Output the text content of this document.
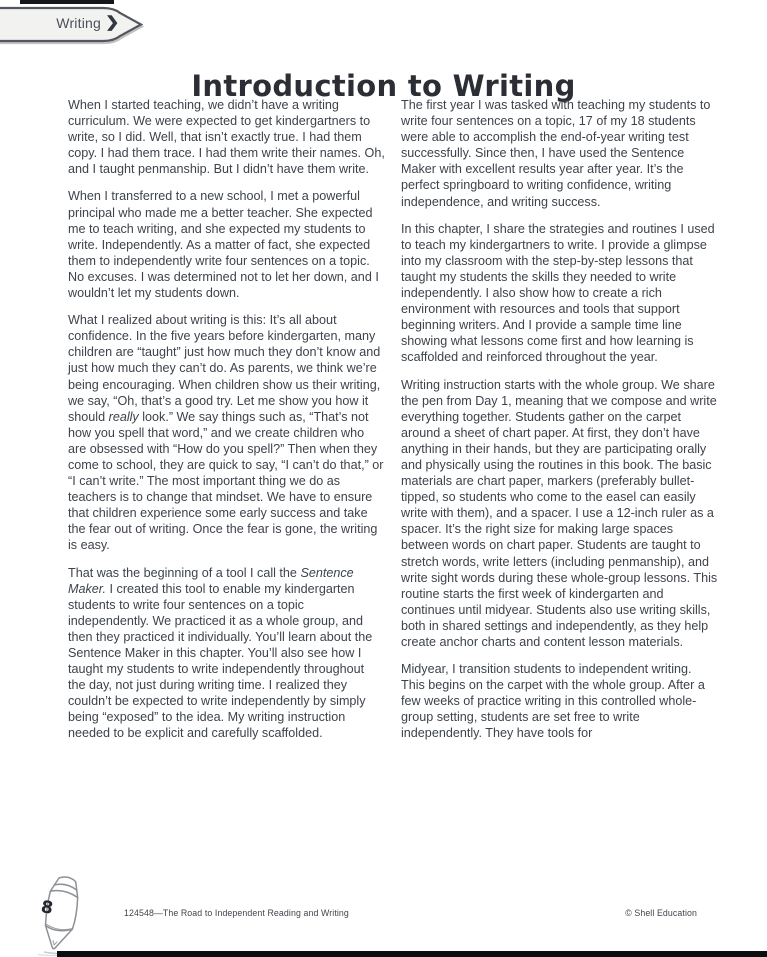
Writing ❯
Introduction to Writing

When I started teaching, we didn’t have a writing curriculum. We were expected to get kindergartners to write, so I did. Well, that isn’t exactly true. I had them copy. I had them trace. I had them write their names. Oh, and I taught penmanship. But I didn’t have them write.

When I transferred to a new school, I met a powerful principal who made me a better teacher. She expected me to teach writing, and she expected my students to write. Independently. As a matter of fact, she expected them to independently write four sentences on a topic. No excuses. I was determined not to let her down, and I wouldn’t let my students down.

What I realized about writing is this: It’s all about confidence. In the five years before kindergarten, many children are “taught” just how much they don’t know and just how much they can’t do. As parents, we think we’re being encouraging. When children show us their writing, we say, “Oh, that’s a good try. Let me show you how it should really look.” We say things such as, “That’s not how you spell that word,” and we create children who are obsessed with “How do you spell?” Then when they come to school, they are quick to say, “I can’t do that,” or “I can’t write.” The most important thing we do as teachers is to change that mindset. We have to ensure that children experience some early success and take the fear out of writing. Once the fear is gone, the writing is easy.

That was the beginning of a tool I call the Sentence Maker. I created this tool to enable my kindergarten students to write four sentences on a topic independently. We practiced it as a whole group, and then they practiced it individually. You’ll learn about the Sentence Maker in this chapter. You’ll also see how I taught my students to write independently throughout the day, not just during writing time. I realized they couldn’t be expected to write independently by simply being “exposed” to the idea. My writing instruction needed to be explicit and carefully scaffolded.

The first year I was tasked with teaching my students to write four sentences on a topic, 17 of my 18 students were able to accomplish the end-of-year writing test successfully. Since then, I have used the Sentence Maker with excellent results year after year. It’s the perfect springboard to writing confidence, writing independence, and writing success.

In this chapter, I share the strategies and routines I used to teach my kindergartners to write. I provide a glimpse into my classroom with the step-by-step lessons that taught my students the skills they needed to write independently. I also show how to create a rich environment with resources and tools that support beginning writers. And I provide a sample time line showing what lessons come first and how learning is scaffolded and reinforced throughout the year.

Writing instruction starts with the whole group. We share the pen from Day 1, meaning that we compose and write everything together. Students gather on the carpet around a sheet of chart paper. At first, they don’t have anything in their hands, but they are participating orally and physically using the routines in this book. The basic materials are chart paper, markers (preferably bullet-tipped, so students who come to the easel can easily write with them), and a spacer. I use a 12-inch ruler as a spacer. It’s the right size for making large spaces between words on chart paper. Students are taught to stretch words, write letters (including penmanship), and write sight words during these whole-group lessons. This routine starts the first week of kindergarten and continues until midyear. Students also use writing skills, both in shared settings and independently, as they help create anchor charts and content lesson materials.

Midyear, I transition students to independent writing. This begins on the carpet with the whole group. After a few weeks of practice writing in this controlled whole-group setting, students are set free to write independently. They have tools for

8	124548—The Road to Independent Reading and Writing	© Shell Education
